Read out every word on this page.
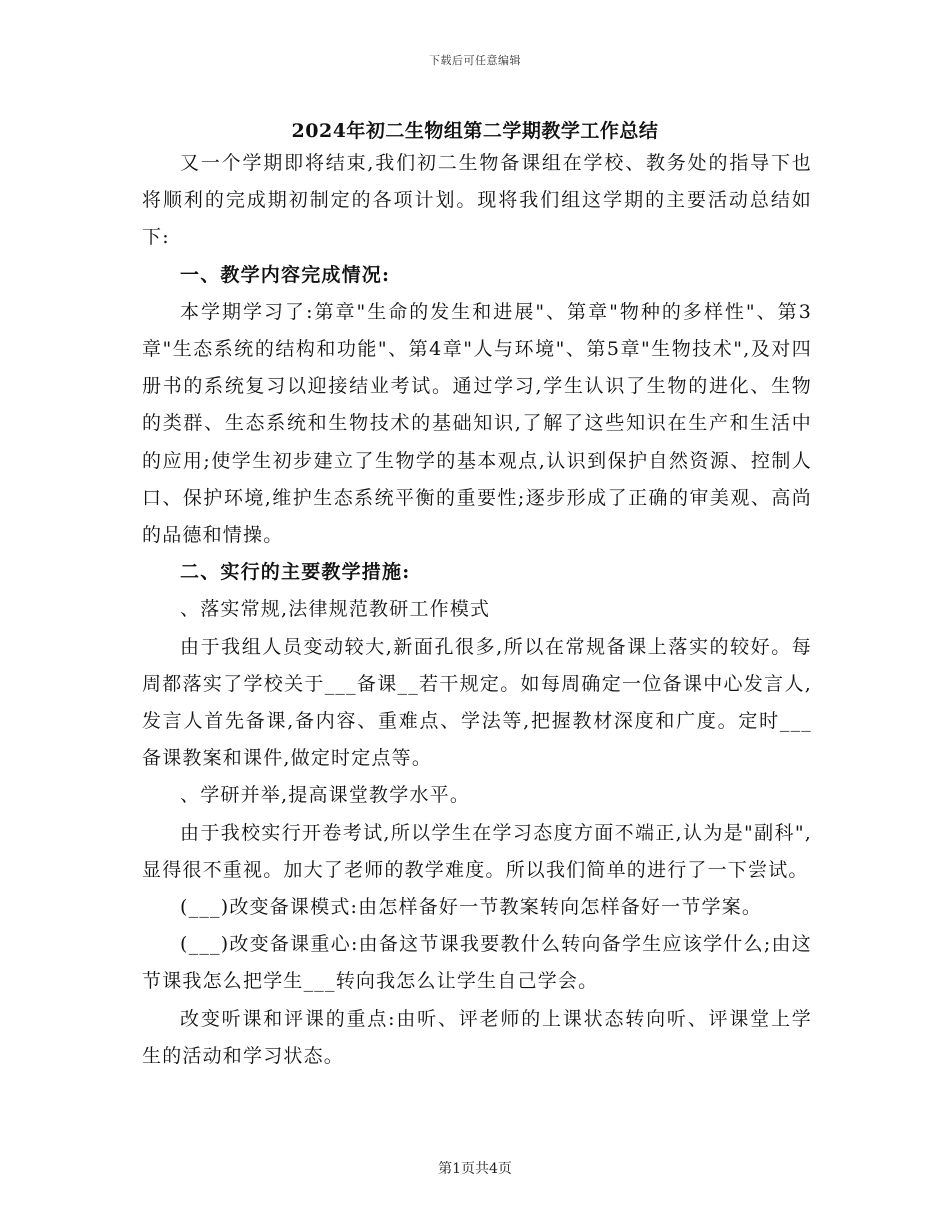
下载后可任意编辑
2024年初二生物组第二学期教学工作总结

又一个学期即将结束,我们初二生物备课组在学校、教务处的指导下也将顺利的完成期初制定的各项计划。现将我们组这学期的主要活动总结如下:

一、教学内容完成情况:

本学期学习了:第章"生命的发生和进展"、第章"物种的多样性"、第3章"生态系统的结构和功能"、第4章"人与环境"、第5章"生物技术",及对四册书的系统复习以迎接结业考试。通过学习,学生认识了生物的进化、生物的类群、生态系统和生物技术的基础知识,了解了这些知识在生产和生活中的应用;使学生初步建立了生物学的基本观点,认识到保护自然资源、控制人口、保护环境,维护生态系统平衡的重要性;逐步形成了正确的审美观、高尚的品德和情操。

二、实行的主要教学措施:

、落实常规,法律规范教研工作模式

由于我组人员变动较大,新面孔很多,所以在常规备课上落实的较好。每周都落实了学校关于___备课__若干规定。如每周确定一位备课中心发言人,发言人首先备课,备内容、重难点、学法等,把握教材深度和广度。定时___备课教案和课件,做定时定点等。

、学研并举,提高课堂教学水平。

由于我校实行开卷考试,所以学生在学习态度方面不端正,认为是"副科",显得很不重视。加大了老师的教学难度。所以我们简单的进行了一下尝试。

(___)改变备课模式:由怎样备好一节教案转向怎样备好一节学案。

(___)改变备课重心:由备这节课我要教什么转向备学生应该学什么;由这节课我怎么把学生___转向我怎么让学生自己学会。

改变听课和评课的重点:由听、评老师的上课状态转向听、评课堂上学生的活动和学习状态。

第1页共4页
